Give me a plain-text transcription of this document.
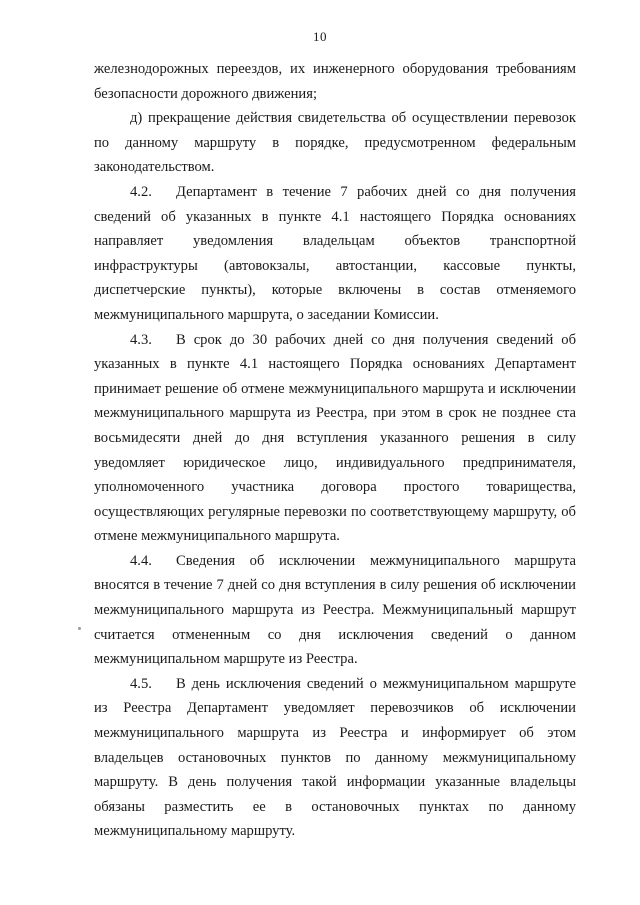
10

железнодорожных переездов, их инженерного оборудования требованиям безопасности дорожного движения;

д) прекращение действия свидетельства об осуществлении перевозок по данному маршруту в порядке, предусмотренном федеральным законодательством.

4.2. Департамент в течение 7 рабочих дней со дня получения сведений об указанных в пункте 4.1 настоящего Порядка основаниях направляет уведомления владельцам объектов транспортной инфраструктуры (автовокзалы, автостанции, кассовые пункты, диспетчерские пункты), которые включены в состав отменяемого межмуниципального маршрута, о заседании Комиссии.

4.3. В срок до 30 рабочих дней со дня получения сведений об указанных в пункте 4.1 настоящего Порядка основаниях Департамент принимает решение об отмене межмуниципального маршрута и исключении межмуниципального маршрута из Реестра, при этом в срок не позднее ста восьмидесяти дней до дня вступления указанного решения в силу уведомляет юридическое лицо, индивидуального предпринимателя, уполномоченного участника договора простого товарищества, осуществляющих регулярные перевозки по соответствующему маршруту, об отмене межмуниципального маршрута.

4.4. Сведения об исключении межмуниципального маршрута вносятся в течение 7 дней со дня вступления в силу решения об исключении межмуниципального маршрута из Реестра. Межмуниципальный маршрут считается отмененным со дня исключения сведений о данном межмуниципальном маршруте из Реестра.

4.5. В день исключения сведений о межмуниципальном маршруте из Реестра Департамент уведомляет перевозчиков об исключении межмуниципального маршрута из Реестра и информирует об этом владельцев остановочных пунктов по данному межмуниципальному маршруту. В день получения такой информации указанные владельцы обязаны разместить ее в остановочных пунктах по данному межмуниципальному маршруту.
